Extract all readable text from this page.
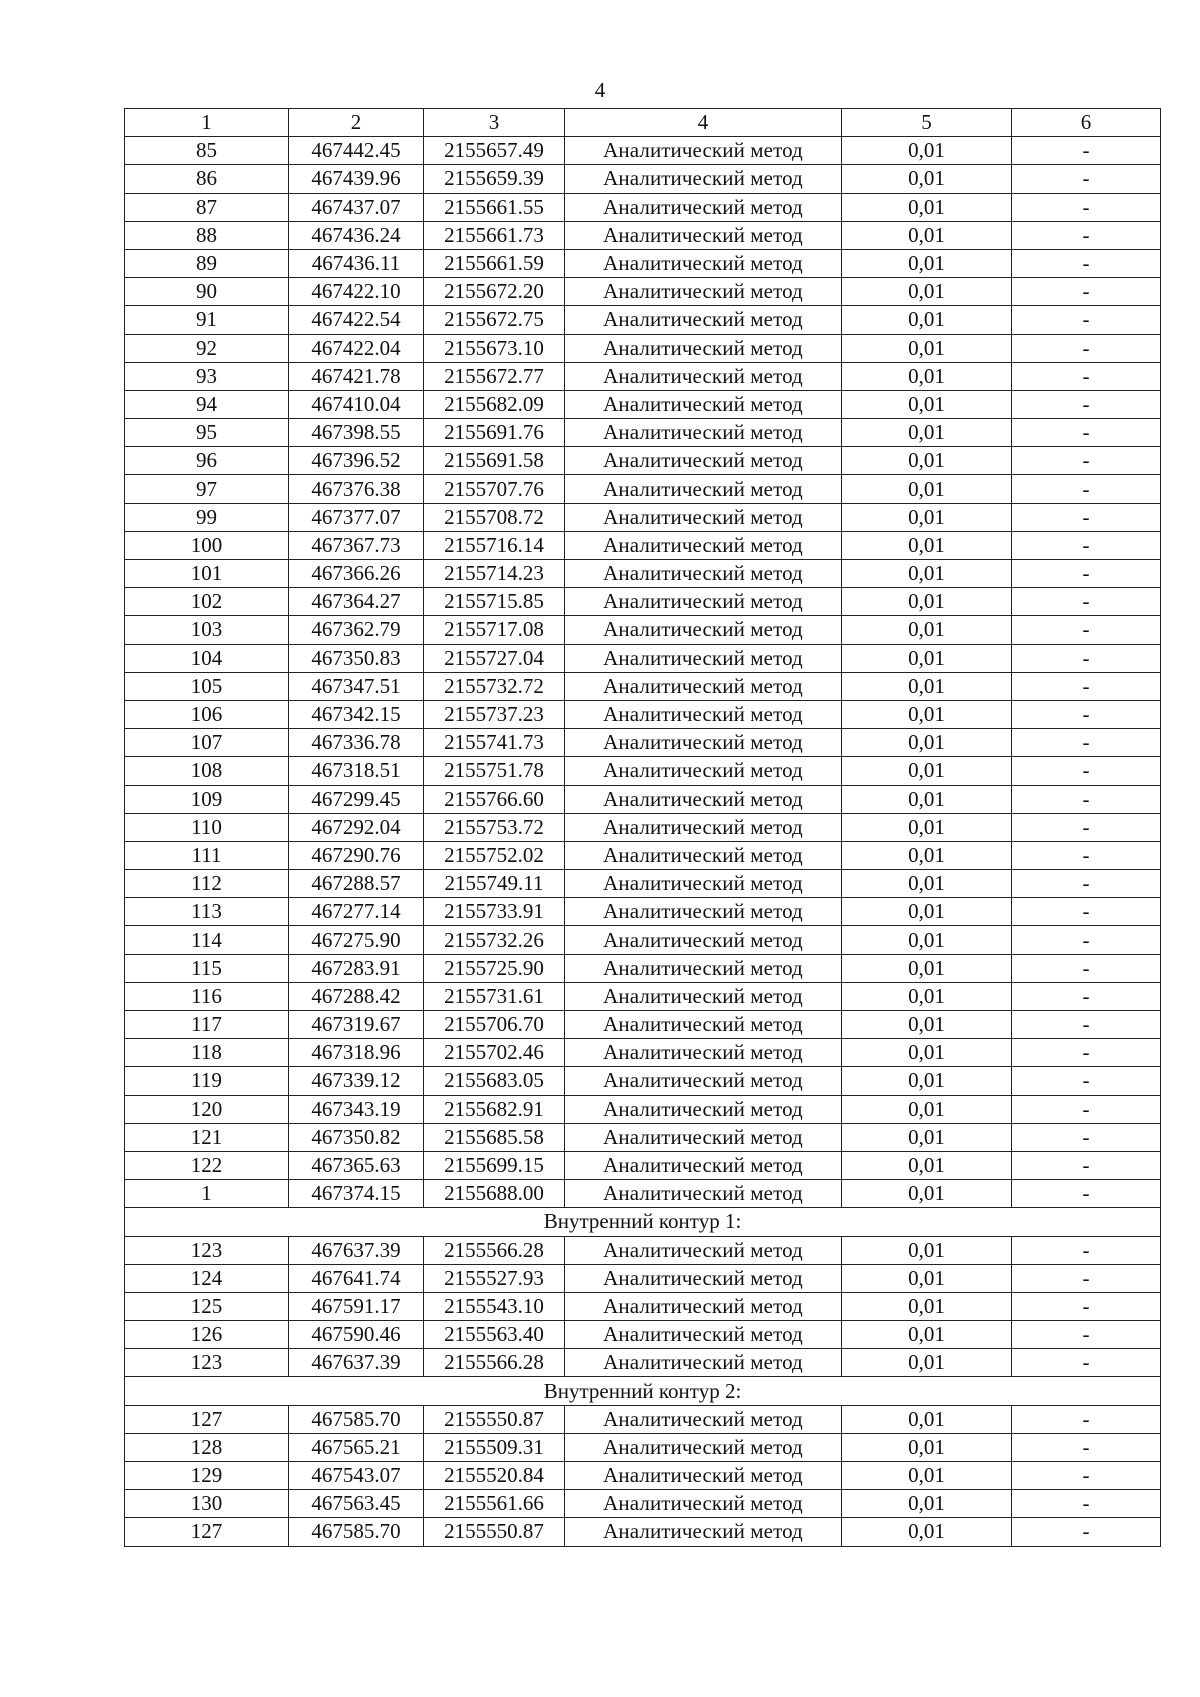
4
1	2	3	4	5	6
85	467442.45	2155657.49	Аналитический метод	0,01	-
86	467439.96	2155659.39	Аналитический метод	0,01	-
87	467437.07	2155661.55	Аналитический метод	0,01	-
88	467436.24	2155661.73	Аналитический метод	0,01	-
89	467436.11	2155661.59	Аналитический метод	0,01	-
90	467422.10	2155672.20	Аналитический метод	0,01	-
91	467422.54	2155672.75	Аналитический метод	0,01	-
92	467422.04	2155673.10	Аналитический метод	0,01	-
93	467421.78	2155672.77	Аналитический метод	0,01	-
94	467410.04	2155682.09	Аналитический метод	0,01	-
95	467398.55	2155691.76	Аналитический метод	0,01	-
96	467396.52	2155691.58	Аналитический метод	0,01	-
97	467376.38	2155707.76	Аналитический метод	0,01	-
99	467377.07	2155708.72	Аналитический метод	0,01	-
100	467367.73	2155716.14	Аналитический метод	0,01	-
101	467366.26	2155714.23	Аналитический метод	0,01	-
102	467364.27	2155715.85	Аналитический метод	0,01	-
103	467362.79	2155717.08	Аналитический метод	0,01	-
104	467350.83	2155727.04	Аналитический метод	0,01	-
105	467347.51	2155732.72	Аналитический метод	0,01	-
106	467342.15	2155737.23	Аналитический метод	0,01	-
107	467336.78	2155741.73	Аналитический метод	0,01	-
108	467318.51	2155751.78	Аналитический метод	0,01	-
109	467299.45	2155766.60	Аналитический метод	0,01	-
110	467292.04	2155753.72	Аналитический метод	0,01	-
111	467290.76	2155752.02	Аналитический метод	0,01	-
112	467288.57	2155749.11	Аналитический метод	0,01	-
113	467277.14	2155733.91	Аналитический метод	0,01	-
114	467275.90	2155732.26	Аналитический метод	0,01	-
115	467283.91	2155725.90	Аналитический метод	0,01	-
116	467288.42	2155731.61	Аналитический метод	0,01	-
117	467319.67	2155706.70	Аналитический метод	0,01	-
118	467318.96	2155702.46	Аналитический метод	0,01	-
119	467339.12	2155683.05	Аналитический метод	0,01	-
120	467343.19	2155682.91	Аналитический метод	0,01	-
121	467350.82	2155685.58	Аналитический метод	0,01	-
122	467365.63	2155699.15	Аналитический метод	0,01	-
1	467374.15	2155688.00	Аналитический метод	0,01	-
Внутренний контур 1:					
123	467637.39	2155566.28	Аналитический метод	0,01	-
124	467641.74	2155527.93	Аналитический метод	0,01	-
125	467591.17	2155543.10	Аналитический метод	0,01	-
126	467590.46	2155563.40	Аналитический метод	0,01	-
123	467637.39	2155566.28	Аналитический метод	0,01	-
Внутренний контур 2:					
127	467585.70	2155550.87	Аналитический метод	0,01	-
128	467565.21	2155509.31	Аналитический метод	0,01	-
129	467543.07	2155520.84	Аналитический метод	0,01	-
130	467563.45	2155561.66	Аналитический метод	0,01	-
127	467585.70	2155550.87	Аналитический метод	0,01	-
